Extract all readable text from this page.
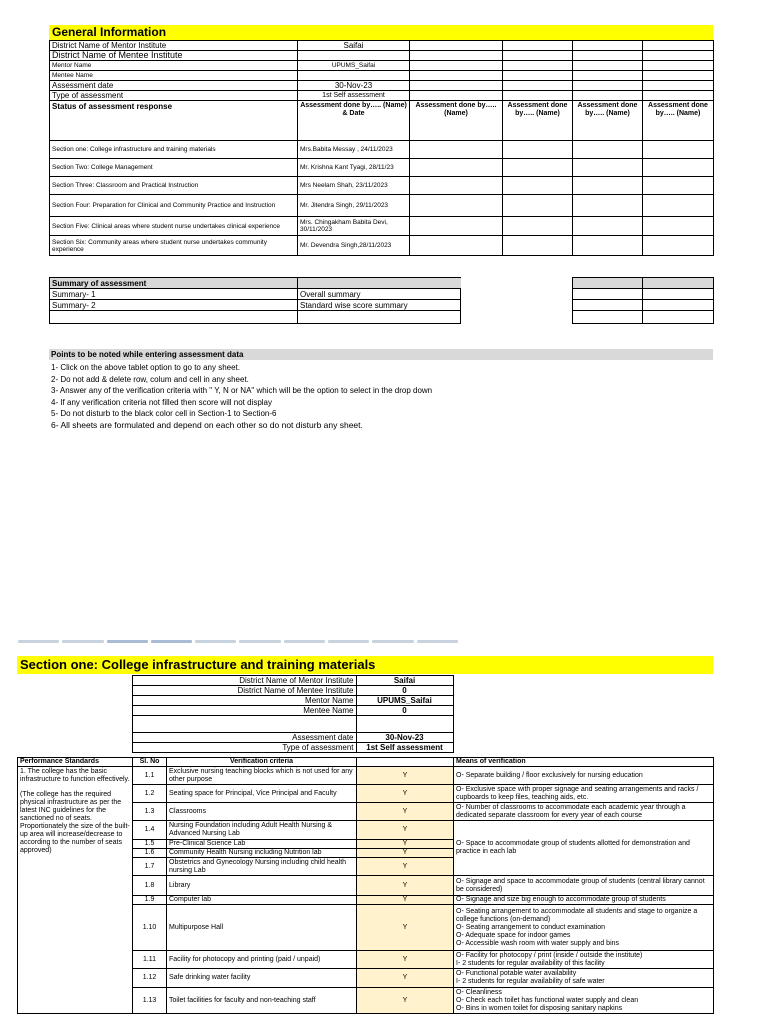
General Information
District Name of Mentor Institute	Saifai				
District Name of Mentee Institute					
Mentor Name	UPUMS_Saifai				
Mentee Name					
Assessment date	30-Nov-23				
Type of assessment	1st Self assessment				
Status of assessment response	Assessment done by….. (Name) & Date	Assessment done by….. (Name)	Assessment done by….. (Name)	Assessment done by….. (Name)	Assessment done by….. (Name)
Section one: College infrastructure and training materials	Mrs.Babita Messay , 24/11/2023				
Section Two: College Management	Mr. Krishna Kant Tyagi, 28/11/23				
Section Three: Classroom and Practical Instruction	Mrs Neelam Shah, 23/11/2023				
Section Four: Preparation for Clinical and Community Practice and Instruction	Mr. Jitendra Singh, 29/11/2023				
Section Five: Clinical areas where student nurse undertakes clinical experience	Mrs. Chingakham Babita Devi, 30/11/2023				
Section Six: Community areas where student nurse undertakes community experience	Mr. Devendra Singh,28/11/2023				
Summary of assessment				
Summary- 1	Overall summary			
Summary- 2	Standard wise score summary			

Points to be noted while entering assessment data
1- Click on the above tablet option to go to any sheet.
2- Do not add & delete row, colum and cell in any sheet.
3- Answer any of the verification criteria with " Y, N or NA" which will be the option to select in the drop down
4- If any verification criteria not filled then score will not display
5- Do not disturb to the black color cell in Section-1 to Section-6
6- All sheets are formulated and depend on each other so do not disturb any sheet.
Section one: College infrastructure and training materials
	District Name of Mentor Institute	Saifai	
	District Name of Mentee Institute	0	
	Mentor Name	UPUMS_Saifai	
	Mentee Name	0	

	Assessment date	30-Nov-23	
	Type of assessment	1st Self assessment	
Performance Standards	Sl. No	Verification criteria		Means of verification

1. The college has the basic infrastructure to function effectively.
(The college has the required physical infrastructure as per the latest INC guidelines for the sanctioned no of seats. Proportionately the size of the built-up area will increase/decrease to according to the number of seats approved)	1.1	Exclusive nursing teaching blocks which is not used for any other purpose	Y	O- Separate building / floor exclusively for nursing education
	1.2	Seating space for Principal, Vice Principal and Faculty	Y	O- Exclusive space with proper signage and seating arrangements and racks / cupboards to keep files, teaching aids, etc.
	1.3	Classrooms	Y	O- Number of classrooms to accommodate each academic year through a dedicated separate classroom for every year of each course
	1.4	Nursing Foundation including Adult Health Nursing & Advanced Nursing Lab	Y	O- Space to accommodate group of students allotted for demonstration and practice in each lab
	1.5	Pre-Clinical Science Lab	Y	
	1.6	Community Health Nursing including Nutrition lab	Y	
	1.7	Obstetrics and Gynecology Nursing including child health nursing Lab	Y	
	1.8	Library	Y	O- Signage and space to accommodate group of students (central library cannot be considered)
	1.9	Computer lab	Y	O- Signage and size big enough to accommodate group of students
	1.10	Multipurpose Hall	Y	O- Seating arrangement to accommodate all students and stage to organize a college functions (on-demand)
O- Seating arrangement to conduct examination
O- Adequate space for indoor games
O- Accessible wash room with water supply and bins
	1.11	Facility for photocopy and printing (paid / unpaid)	Y	O- Facility for photocopy / print (inside / outside the institute)
I- 2 students for regular availability of this facility
	1.12	Safe drinking water facility	Y	O- Functional potable water availability
I- 2 students for regular availability of safe water
	1.13	Toilet facilities for faculty and non-teaching staff	Y	O- Cleanliness
O- Check each toilet has functional water supply and clean
O- Bins in women toilet for disposing sanitary napkins
